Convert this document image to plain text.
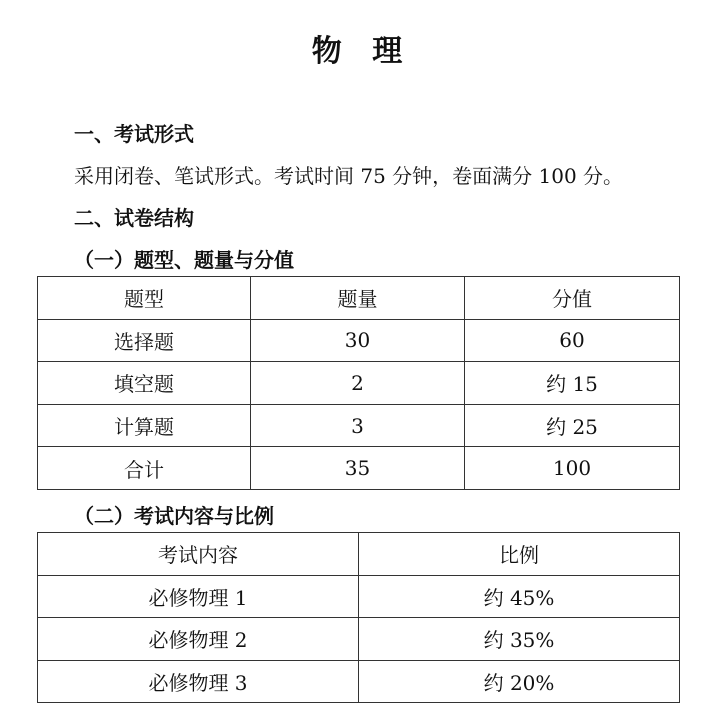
物 理
一、考试形式
采用闭卷、笔试形式。考试时间 75 分钟，卷面满分 100 分。
二、试卷结构
（一）题型、题量与分值
题型	题量	分值
选择题	30	60
填空题	2	约 15
计算题	3	约 25
合计	35	100
（二）考试内容与比例
考试内容	比例
必修物理 1	约 45%
必修物理 2	约 35%
必修物理 3	约 20%
